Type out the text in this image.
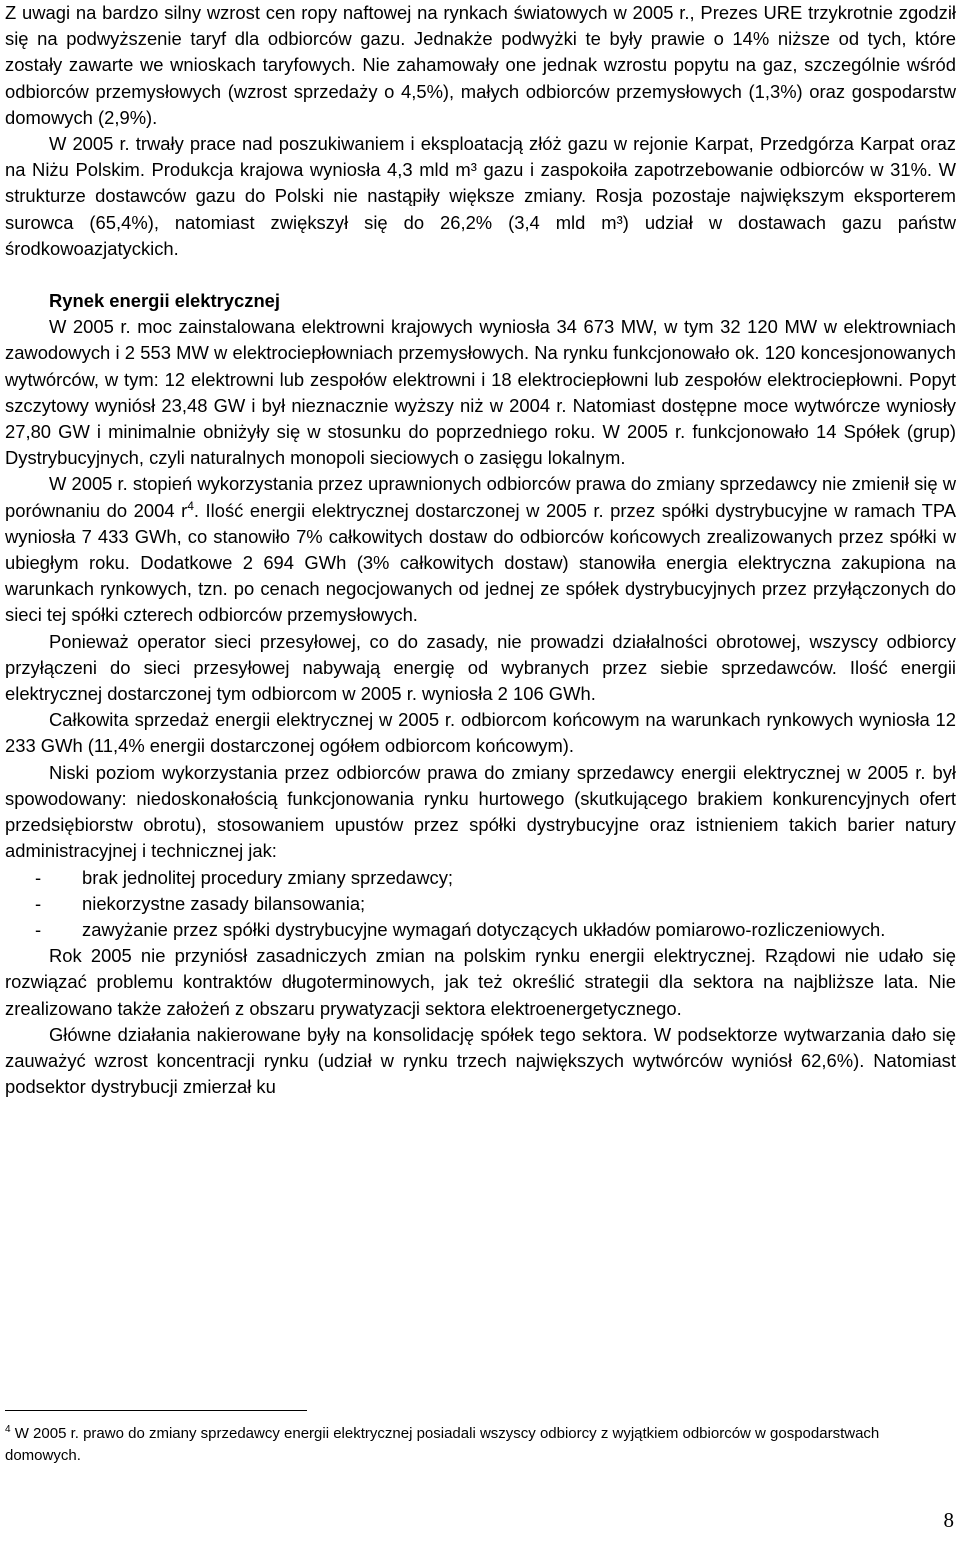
Z uwagi na bardzo silny wzrost cen ropy naftowej na rynkach światowych w 2005 r., Prezes URE trzykrotnie zgodził się na podwyższenie taryf dla odbiorców gazu. Jednakże podwyżki te były prawie o 14% niższe od tych, które zostały zawarte we wnioskach taryfowych. Nie zahamowały one jednak wzrostu popytu na gaz, szczególnie wśród odbiorców przemysłowych (wzrost sprzedaży o 4,5%), małych odbiorców przemysłowych (1,3%) oraz gospodarstw domowych (2,9%).

W 2005 r. trwały prace nad poszukiwaniem i eksploatacją złóż gazu w rejonie Karpat, Przedgórza Karpat oraz na Niżu Polskim. Produkcja krajowa wyniosła 4,3 mld m³ gazu i zaspokoiła zapotrzebowanie odbiorców w 31%. W strukturze dostawców gazu do Polski nie nastąpiły większe zmiany. Rosja pozostaje największym eksporterem surowca (65,4%), natomiast zwiększył się do 26,2% (3,4 mld m³) udział w dostawach gazu państw środkowoazjatyckich.

Rynek energii elektrycznej

W 2005 r. moc zainstalowana elektrowni krajowych wyniosła 34 673 MW, w tym 32 120 MW w elektrowniach zawodowych i 2 553 MW w elektrociepłowniach przemysłowych. Na rynku funkcjonowało ok. 120 koncesjonowanych wytwórców, w tym: 12 elektrowni lub zespołów elektrowni i 18 elektrociepłowni lub zespołów elektrociepłowni. Popyt szczytowy wyniósł 23,48 GW i był nieznacznie wyższy niż w 2004 r. Natomiast dostępne moce wytwórcze wyniosły 27,80 GW i minimalnie obniżyły się w stosunku do poprzedniego roku. W 2005 r. funkcjonowało 14 Spółek (grup) Dystrybucyjnych, czyli naturalnych monopoli sieciowych o zasięgu lokalnym.

W 2005 r. stopień wykorzystania przez uprawnionych odbiorców prawa do zmiany sprzedawcy nie zmienił się w porównaniu do 2004 $r^4$. Ilość energii elektrycznej dostarczonej w 2005 r. przez spółki dystrybucyjne w ramach TPA wyniosła 7 433 GWh, co stanowiło 7% całkowitych dostaw do odbiorców końcowych zrealizowanych przez spółki w ubiegłym roku. Dodatkowe 2 694 GWh (3% całkowitych dostaw) stanowiła energia elektryczna zakupiona na warunkach rynkowych, tzn. po cenach negocjowanych od jednej ze spółek dystrybucyjnych przez przyłączonych do sieci tej spółki czterech odbiorców przemysłowych.

Ponieważ operator sieci przesyłowej, co do zasady, nie prowadzi działalności obrotowej, wszyscy odbiorcy przyłączeni do sieci przesyłowej nabywają energię od wybranych przez siebie sprzedawców. Ilość energii elektrycznej dostarczonej tym odbiorcom w 2005 r. wyniosła 2 106 GWh.

Całkowita sprzedaż energii elektrycznej w 2005 r. odbiorcom końcowym na warunkach rynkowych wyniosła 12 233 GWh (11,4% energii dostarczonej ogółem odbiorcom końcowym).

Niski poziom wykorzystania przez odbiorców prawa do zmiany sprzedawcy energii elektrycznej w 2005 r. był spowodowany: niedoskonałością funkcjonowania rynku hurtowego (skutkującego brakiem konkurencyjnych ofert przedsiębiorstw obrotu), stosowaniem upustów przez spółki dystrybucyjne oraz istnieniem takich barier natury administracyjnej i technicznej jak:

- brak jednolitej procedury zmiany sprzedawcy;
- niekorzystne zasady bilansowania;
- zawyżanie przez spółki dystrybucyjne wymagań dotyczących układów pomiarowo-rozliczeniowych.

Rok 2005 nie przyniósł zasadniczych zmian na polskim rynku energii elektrycznej. Rządowi nie udało się rozwiązać problemu kontraktów długoterminowych, jak też określić strategii dla sektora na najbliższe lata. Nie zrealizowano także założeń z obszaru prywatyzacji sektora elektroenergetycznego.

Główne działania nakierowane były na konsolidację spółek tego sektora. W podsektorze wytwarzania dało się zauważyć wzrost koncentracji rynku (udział w rynku trzech największych wytwórców wyniósł 62,6%). Natomiast podsektor dystrybucji zmierzał ku

$^4$ W 2005 r. prawo do zmiany sprzedawcy energii elektrycznej posiadali wszyscy odbiorcy z wyjątkiem odbiorców w gospodarstwach domowych.

8
